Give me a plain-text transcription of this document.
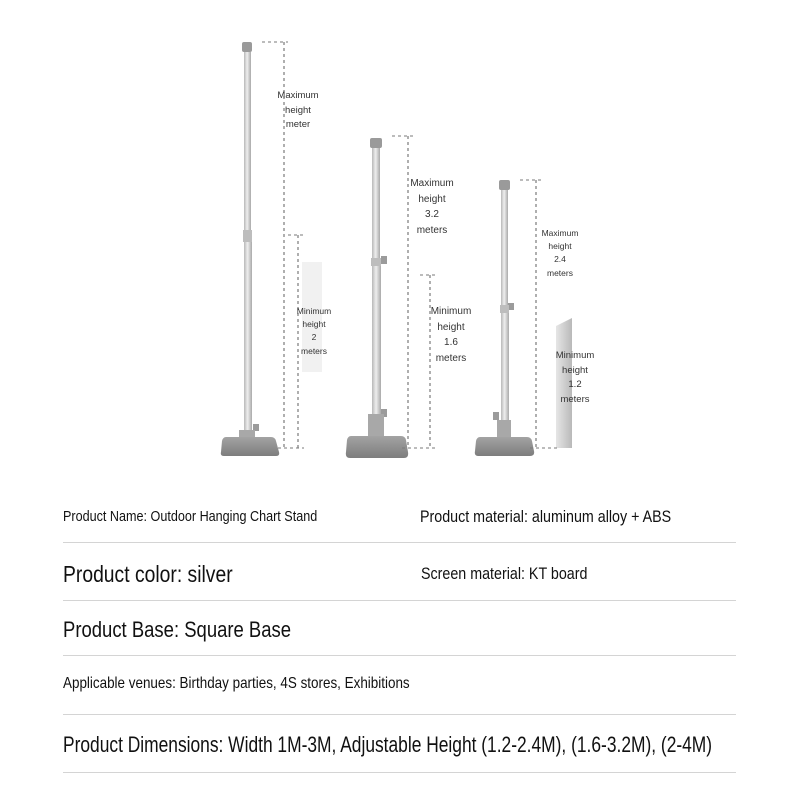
Maximum
height
meter
Minimum
height
2
meters
Maximum
height
3.2
meters
Minimum
height
1.6
meters
Maximum
height
2.4
meters
Minimum
height
1.2
meters
Product Name: Outdoor Hanging Chart Stand	Product material: aluminum alloy + ABS
Product color: silver	Screen material: KT board
Product Base: Square Base
Applicable venues: Birthday parties, 4S stores, Exhibitions
Product Dimensions: Width 1M-3M, Adjustable Height (1.2-2.4M), (1.6-3.2M), (2-4M)
